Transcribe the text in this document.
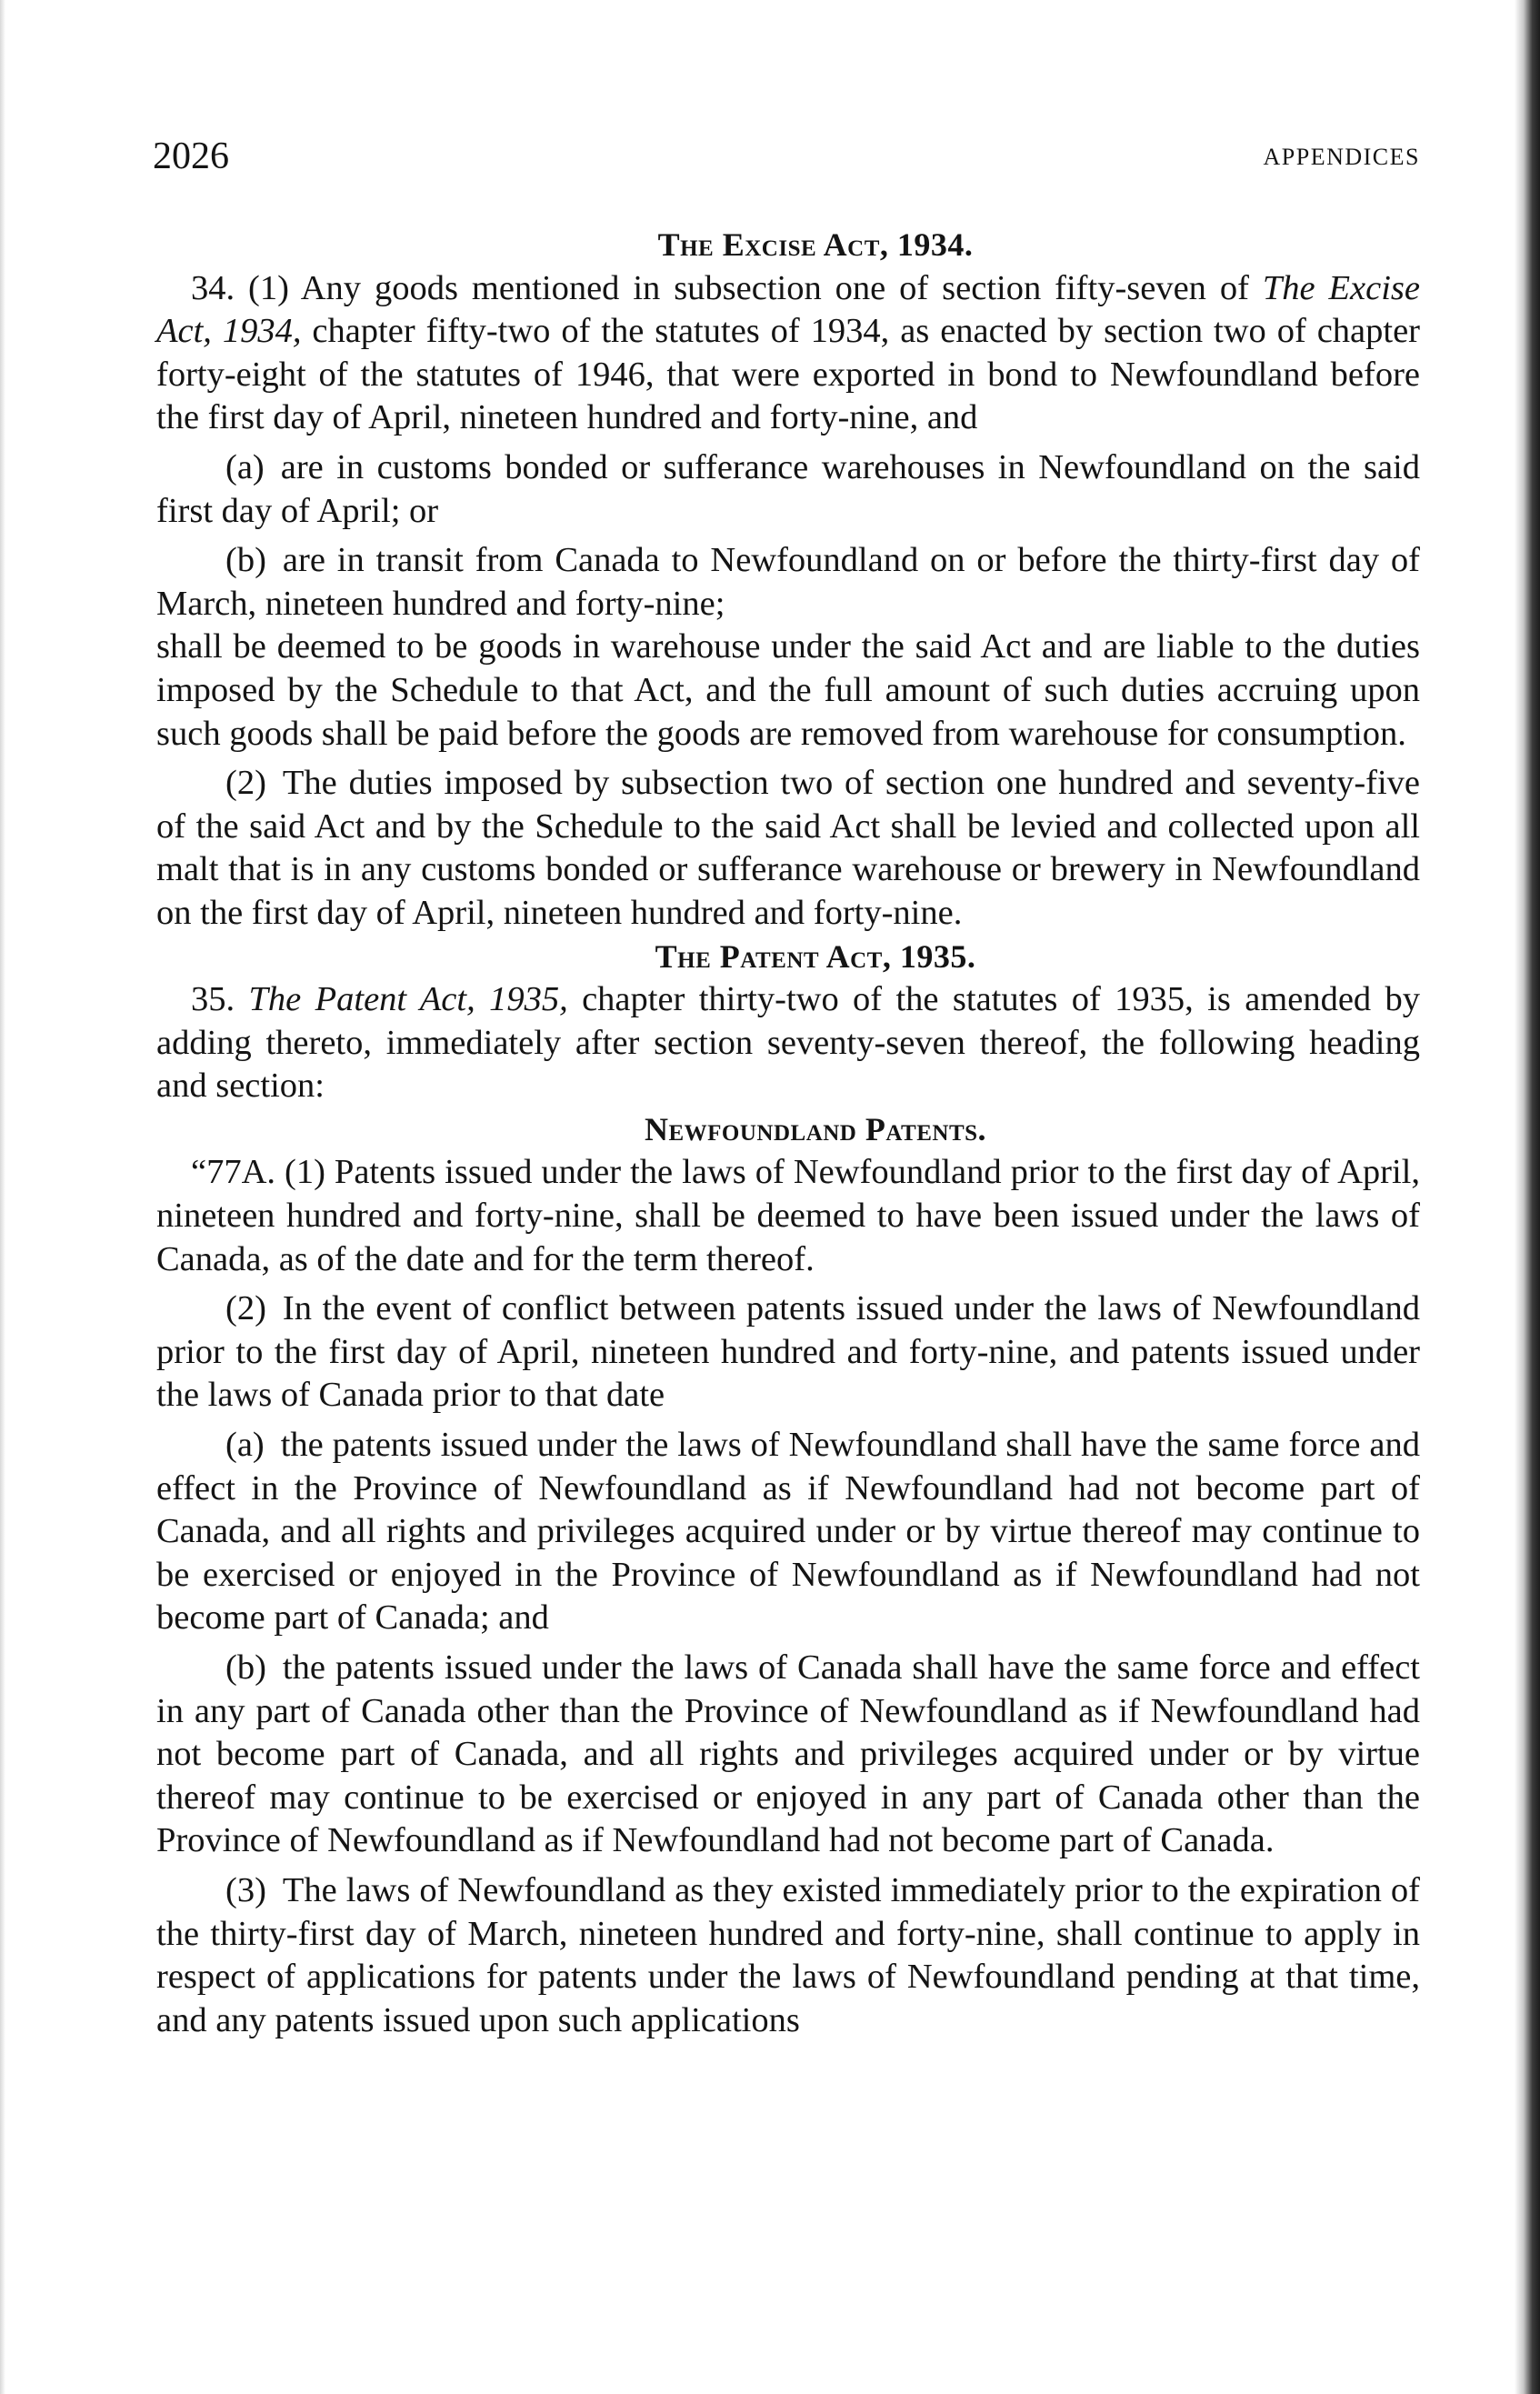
2026	APPENDICES
The Excise Act, 1934.

34. (1) Any goods mentioned in subsection one of section fifty-seven of The Excise Act, 1934, chapter fifty-two of the statutes of 1934, as enacted by section two of chapter forty-eight of the statutes of 1946, that were exported in bond to Newfoundland before the first day of April, nineteen hundred and forty-nine, and

(a) are in customs bonded or sufferance warehouses in Newfoundland on the said first day of April; or

(b) are in transit from Canada to Newfoundland on or before the thirty-first day of March, nineteen hundred and forty-nine;

shall be deemed to be goods in warehouse under the said Act and are liable to the duties imposed by the Schedule to that Act, and the full amount of such duties accruing upon such goods shall be paid before the goods are removed from warehouse for consumption.

(2) The duties imposed by subsection two of section one hundred and seventy-five of the said Act and by the Schedule to the said Act shall be levied and collected upon all malt that is in any customs bonded or sufferance warehouse or brewery in Newfoundland on the first day of April, nineteen hundred and forty-nine.

The Patent Act, 1935.

35. The Patent Act, 1935, chapter thirty-two of the statutes of 1935, is amended by adding thereto, immediately after section seventy-seven thereof, the following heading and section:

Newfoundland Patents.

“77A. (1) Patents issued under the laws of Newfoundland prior to the first day of April, nineteen hundred and forty-nine, shall be deemed to have been issued under the laws of Canada, as of the date and for the term thereof.

(2) In the event of conflict between patents issued under the laws of Newfoundland prior to the first day of April, nineteen hundred and forty-nine, and patents issued under the laws of Canada prior to that date

(a) the patents issued under the laws of Newfoundland shall have the same force and effect in the Province of Newfoundland as if Newfoundland had not become part of Canada, and all rights and privileges acquired under or by virtue thereof may continue to be exercised or enjoyed in the Province of Newfoundland as if Newfoundland had not become part of Canada; and

(b) the patents issued under the laws of Canada shall have the same force and effect in any part of Canada other than the Province of Newfoundland as if Newfoundland had not become part of Canada, and all rights and privileges acquired under or by virtue thereof may continue to be exercised or enjoyed in any part of Canada other than the Province of Newfoundland as if Newfoundland had not become part of Canada.

(3) The laws of Newfoundland as they existed immediately prior to the expiration of the thirty-first day of March, nineteen hundred and forty-nine, shall continue to apply in respect of applications for patents under the laws of Newfoundland pending at that time, and any patents issued upon such applications
